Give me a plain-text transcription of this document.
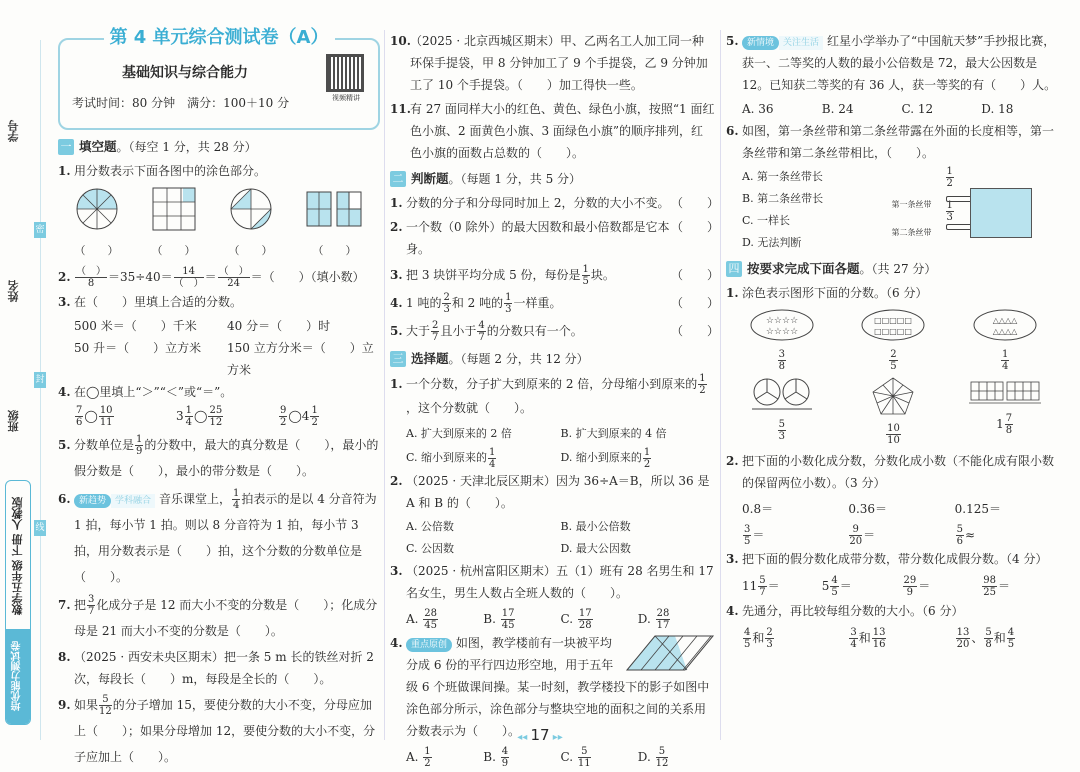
学号
姓名
班级
密
封
线
数学五年级 下册 人教版
培优能力测试卷
第 4 单元综合测试卷（A）
基础知识与综合能力
考试时间：80 分钟　满分：100＋10 分	视频精讲
一 填空题 。（每空 1 分，共 28 分）
1. 用分数表示下面各图中的涂色部分。
（　　）	（　　）	（　　）	（　　）
2. （　）
8	＝35÷40＝ 14
（　） ＝ （　）
24 ＝（　　）（填小数）
3. 在（　　）里填上合适的分数。
500 米＝（　　）千米	40 分＝（　　）时
50 升＝（　　）立方米	150 立方分米＝（　　）立方米
4. 在◯里填上“＞”“＜”或“＝”。
$\frac{7}{6}$ ◯ $\frac{10}{11}$	$3 \frac{1}{4}$ ◯ $\frac{25}{12}$	$\frac{9}{2}$ ◯4 $\frac{1}{2}$
5. 分数单位是 $\frac{1}{9}$ 的分数中，最大的真分数是（　　），最小的假分数是（　　），最小的带分数是（　　）。
6. 新趋势 学科融合 音乐课堂上， $\frac{1}{4}$ 拍表示的是以 4 分音符为 1 拍，每小节 1 拍。则以 8 分音符为 1 拍，每小节 3 拍，用分数表示是（　　）拍，这个分数的分数单位是（　　）。
7. 把 $\frac{3}{7}$ 化成分子是 12 而大小不变的分数是（　　）；化成分母是 21 而大小不变的分数是（　　）。
8. （2025 · 西安未央区期末）把一条 5 m 长的铁丝对折 2 次，每段长（　　）m，每段是全长的（　　）。
9. 如果 $\frac{5}{12}$ 的分子增加 15，要使分数的大小不变，分母应加上（　　）；如果分母增加 12，要使分数的大小不变，分子应加上（　　）。
10. （2025 · 北京西城区期末）甲、乙两名工人加工同一种环保手提袋，甲 8 分钟加工了 9 个手提袋，乙 9 分钟加工了 10 个手提袋。（　　）加工得快一些。
11. 有 27 面同样大小的红色、黄色、绿色小旗，按照“1 面红色小旗、2 面黄色小旗、3 面绿色小旗”的顺序排列，红色小旗的面数占总数的（　　）。
二 判断题 。（每题 1 分，共 5 分）
1. 分数的分子和分母同时加上 2，分数的大小不变。 （　　）
2. 一个数（0 除外）的最大因数和最小倍数都是它本身。
（　　）
3. 把 3 块饼平均分成 5 份，每份是 $\frac{1}{5}$ 块。	（　　）
4. 1 吨的 $\frac{2}{3}$ 和 2 吨的 $\frac{1}{3}$ 一样重。	（　　）
5. 大于 $\frac{2}{7}$ 且小于 $\frac{4}{7}$ 的分数只有一个。	（　　）
三 选择题 。（每题 2 分，共 12 分）
1. 一个分数，分子扩大到原来的 2 倍，分母缩小到原来的 $\frac{1}{2}$
，这个分数就（　　）。
A. 扩大到原来的 2 倍	B. 扩大到原来的 4 倍
C. 缩小到原来的 $\frac{1}{4}$	D. 缩小到原来的 $\frac{1}{2}$
2. （2025 · 天津北辰区期末）因为 36÷A＝B，所以 36 是 A 和 B 的（　　）。
A. 公倍数	B. 最小公倍数
C. 公因数	D. 最大公因数
3. （2025 · 杭州富阳区期末）五（1）班有 28 名男生和 17 名女生，男生人数占全班人数的（　　）。
A. $\frac{28}{45}$	B. $\frac{17}{45}$	C. $\frac{17}{28}$	D. $\frac{28}{17}$
4. 重点原创 如图，教学楼前有一块被平均分成 6 份的平行四边形空地，用于五年级 6 个班做课间操。某一时刻，教学楼投下的影子如图中涂色部分所示，涂色部分与整块空地的面积之间的关系用分数表示为（　　）。
A. $\frac{1}{2}$	B. $\frac{4}{9}$	C. $\frac{5}{11}$	D. $\frac{5}{12}$
5. 新情境 关注生活 红星小学举办了“中国航天梦”手抄报比赛，获一、二等奖的人数的最小公倍数是 72，最大公因数是 12。已知获二等奖的有 36 人，获一等奖的有（　　）人。
A. 36	B. 24	C. 12	D. 18
6. 如图，第一条丝带和第二条丝带露在外面的长度相等，第一条丝带和第二条丝带相比，（　　）。
A. 第一条丝带长
B. 第二条丝带长
C. 一样长
D. 无法判断
第一条丝带
第二条丝带
$\frac{1}{2}$
$\frac{1}{3}$
四 按要求完成下面各题 。（共 27 分）
1. 涂色表示图形下面的分数。（6 分）
☆☆☆☆
☆☆☆☆

$\frac{3}{8}$
□□□□□
□□□□□

$\frac{2}{5}$
△△△△
△△△△

$\frac{1}{4}$

$\frac{5}{3}$	$\frac{10}{10}$	$1 \frac{7}{8}$
2. 把下面的小数化成分数，分数化成小数（不能化成有限小数的保留两位小数）。（3 分）
0.8＝	0.36＝	0.125＝
$\frac{3}{5}$ ＝	$\frac{9}{20}$ ＝	$\frac{5}{6}$ ≈
3. 把下面的假分数化成带分数，带分数化成假分数。（4 分）
$11 \frac{5}{7}$ ＝	$5 \frac{4}{5}$ ＝	$\frac{29}{9}$ ＝	$\frac{98}{25}$ ＝
4. 先通分，再比较每组分数的大小。（6 分）
$\frac{4}{5}$ 和 $\frac{2}{3}$	$\frac{3}{4}$ 和 $\frac{13}{16}$	$\frac{13}{20}$ 、 $\frac{5}{8}$ 和 $\frac{4}{5}$
◂◂ 17 ▸▸
